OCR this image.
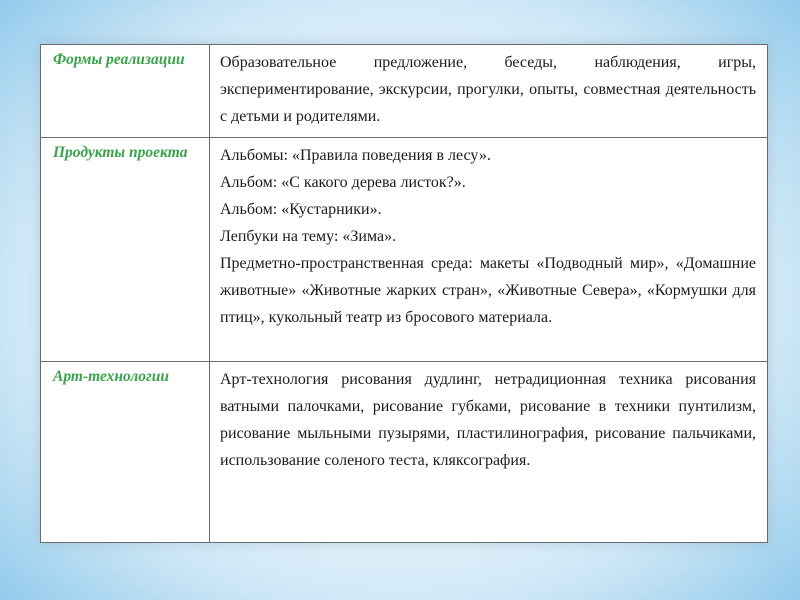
Формы реализации	Образовательное предложение, беседы, наблюдения, игры, экспериментирование, экскурсии, прогулки, опыты, совместная деятельность с детьми и родителями.

Продукты проекта	Альбомы: «Правила поведения в лесу».

Альбом: «С какого дерева листок?».

Альбом: «Кустарники».

Лепбуки на тему: «Зима».

Предметно-пространственная среда: макеты «Подводный мир», «Домашние животные» «Животные жарких стран», «Животные Севера», «Кормушки для птиц», кукольный театр из бросового материала.

Арт-технологии	Арт-технология рисования дудлинг, нетрадиционная техника рисования ватными палочками, рисование губками, рисование в техники пунтилизм, рисование мыльными пузырями, пластилинография, рисование пальчиками, использование соленого теста, кляксография.
